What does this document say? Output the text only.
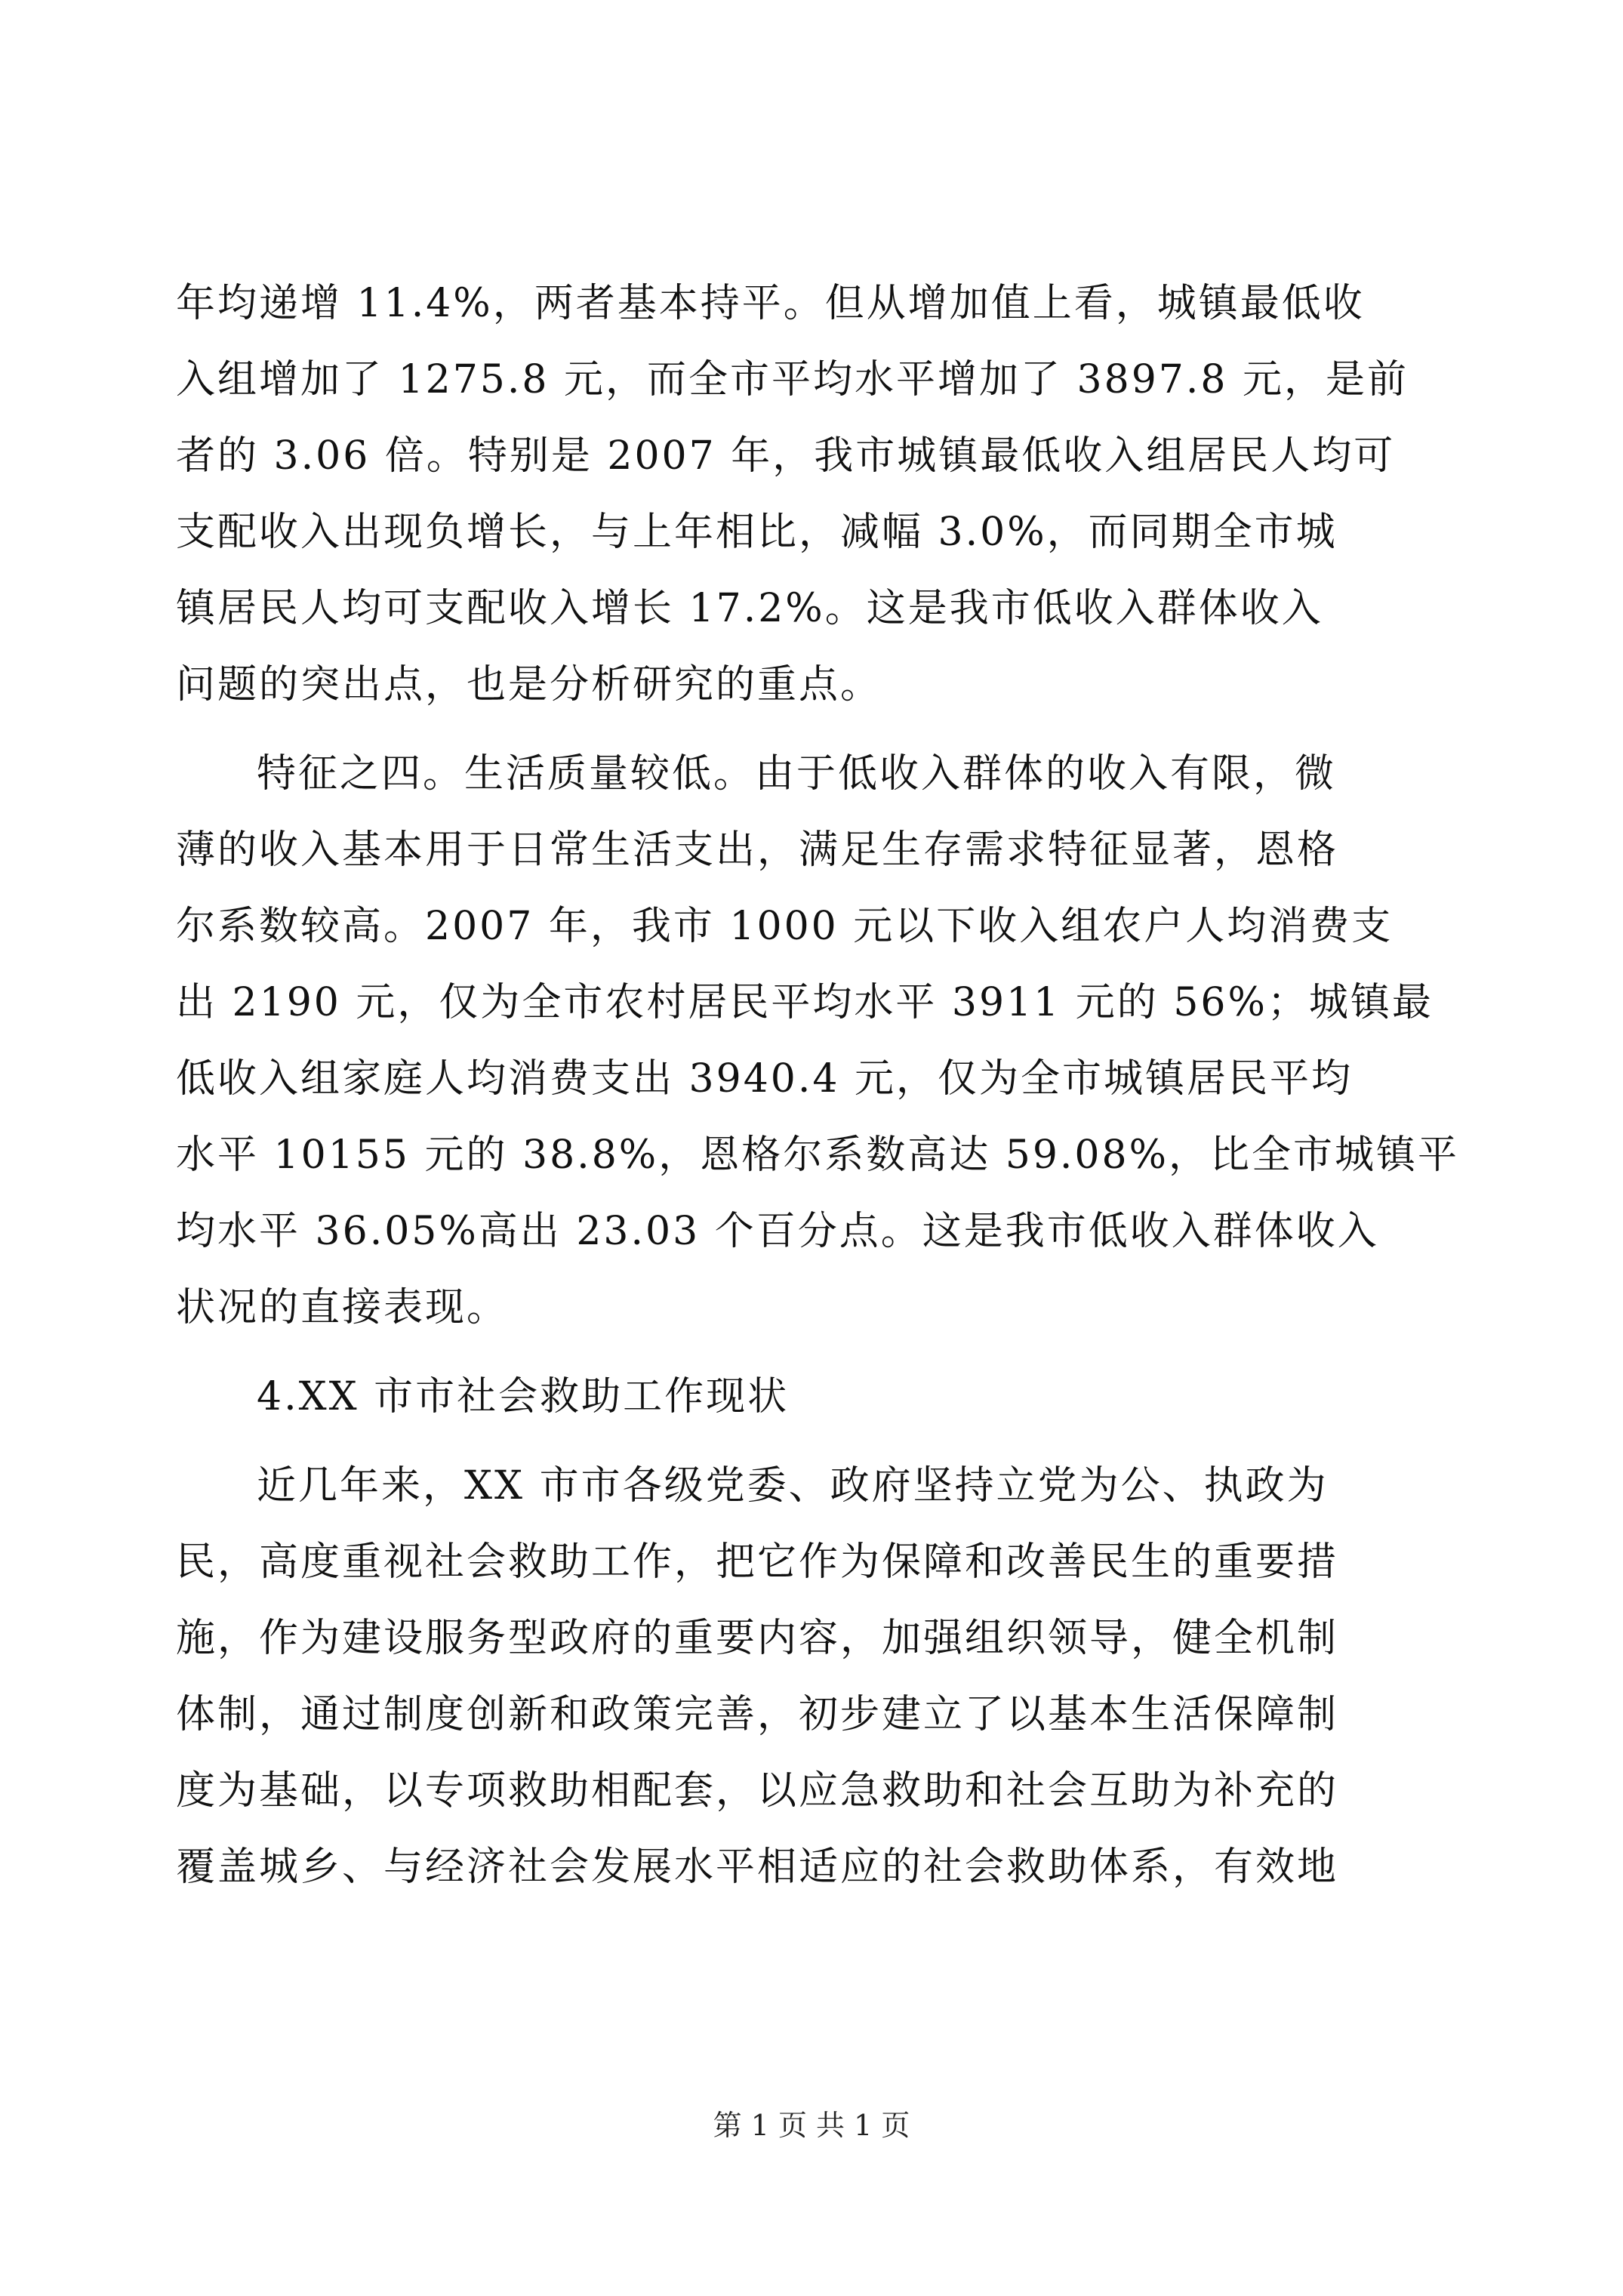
年均递增 11.4%，两者基本持平。但从增加值上看，城镇最低收
入组增加了 1275.8 元，而全市平均水平增加了 3897.8 元，是前
者的 3.06 倍。特别是 2007 年，我市城镇最低收入组居民人均可
支配收入出现负增长，与上年相比，减幅 3.0%，而同期全市城
镇居民人均可支配收入增长 17.2%。这是我市低收入群体收入
问题的突出点，也是分析研究的重点。
特征之四。生活质量较低。由于低收入群体的收入有限，微
薄的收入基本用于日常生活支出，满足生存需求特征显著，恩格
尔系数较高。2007 年，我市 1000 元以下收入组农户人均消费支
出 2190 元，仅为全市农村居民平均水平 3911 元的 56%；城镇最
低收入组家庭人均消费支出 3940.4 元，仅为全市城镇居民平均
水平 10155 元的 38.8%，恩格尔系数高达 59.08%，比全市城镇平
均水平 36.05%高出 23.03 个百分点。这是我市低收入群体收入
状况的直接表现。
4.XX 市市社会救助工作现状
近几年来，XX 市市各级党委、政府坚持立党为公、执政为
民，高度重视社会救助工作，把它作为保障和改善民生的重要措
施，作为建设服务型政府的重要内容，加强组织领导，健全机制
体制，通过制度创新和政策完善，初步建立了以基本生活保障制
度为基础，以专项救助相配套，以应急救助和社会互助为补充的
覆盖城乡、与经济社会发展水平相适应的社会救助体系，有效地
第 1 页 共 1 页
